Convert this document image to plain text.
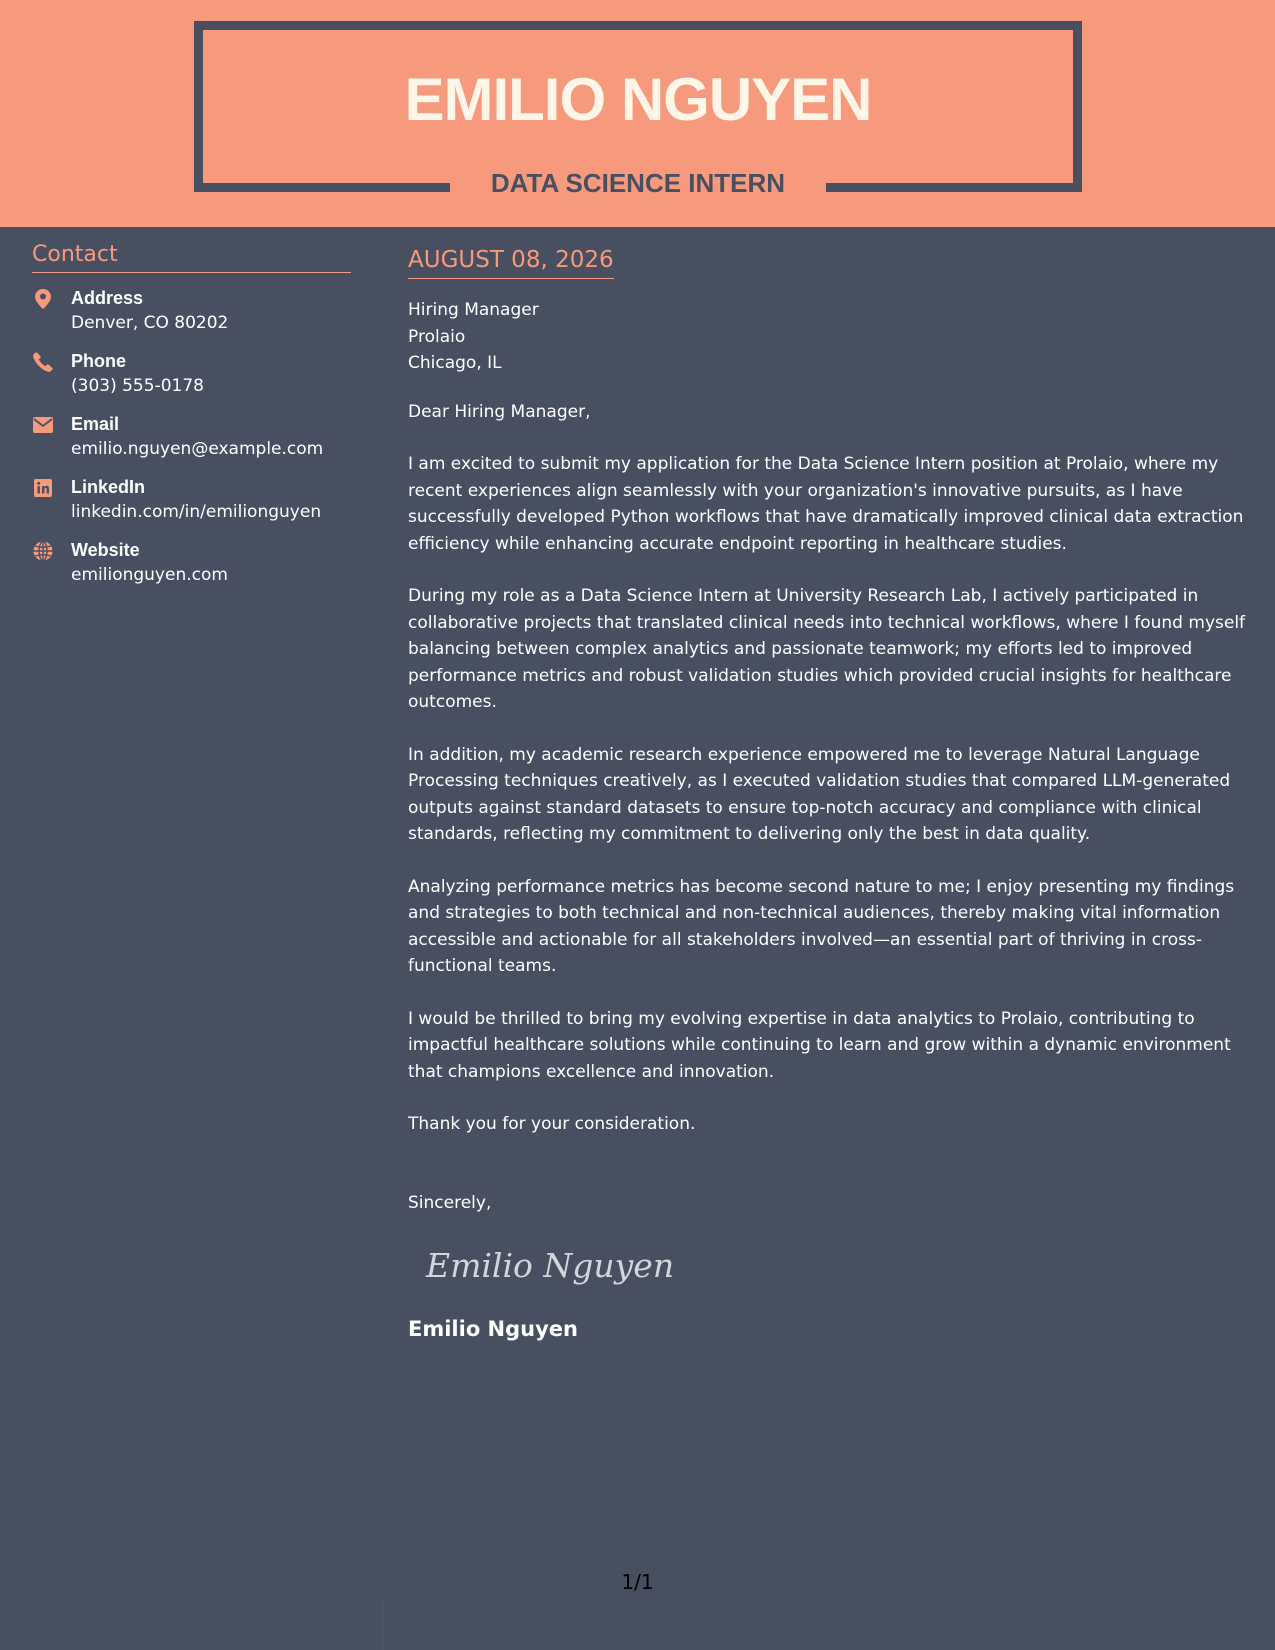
EMILIO NGUYEN
DATA SCIENCE INTERN
Contact
Address
Denver, CO 80202
Phone
(303) 555-0178
Email
emilio.nguyen@example.com
LinkedIn
linkedin.com/in/emilionguyen
Website
emilionguyen.com
AUGUST 08, 2026
Hiring Manager
Prolaio
Chicago, IL
Dear Hiring Manager,
I am excited to submit my application for the Data Science Intern position at Prolaio, where my recent experiences align seamlessly with your organization's innovative pursuits, as I have successfully developed Python workflows that have dramatically improved clinical data extraction efficiency while enhancing accurate endpoint reporting in healthcare studies.
During my role as a Data Science Intern at University Research Lab, I actively participated in collaborative projects that translated clinical needs into technical workflows, where I found myself balancing between complex analytics and passionate teamwork; my efforts led to improved performance metrics and robust validation studies which provided crucial insights for healthcare outcomes.
In addition, my academic research experience empowered me to leverage Natural Language Processing techniques creatively, as I executed validation studies that compared LLM-generated outputs against standard datasets to ensure top-notch accuracy and compliance with clinical standards, reflecting my commitment to delivering only the best in data quality.
Analyzing performance metrics has become second nature to me; I enjoy presenting my findings and strategies to both technical and non-technical audiences, thereby making vital information accessible and actionable for all stakeholders involved—an essential part of thriving in cross-functional teams.
I would be thrilled to bring my evolving expertise in data analytics to Prolaio, contributing to impactful healthcare solutions while continuing to learn and grow within a dynamic environment that champions excellence and innovation.
Thank you for your consideration.
Sincerely,
Emilio Nguyen
Emilio Nguyen
1/1
